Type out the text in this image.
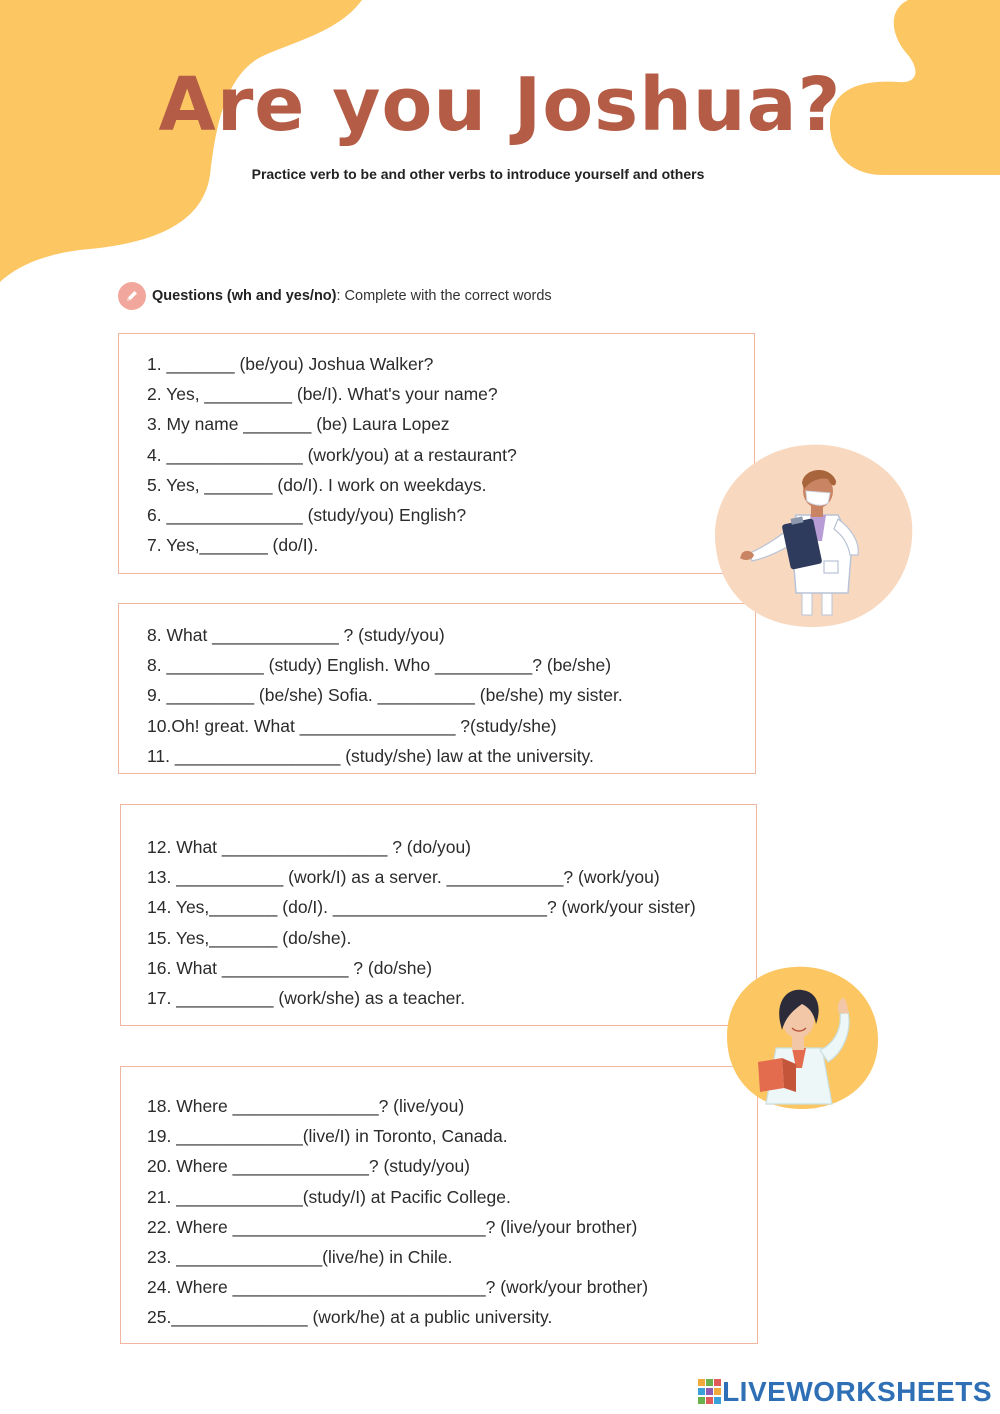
Are you Joshua?
Practice verb to be and other verbs to introduce yourself and others
Questions (wh and yes/no) : Complete with the correct words
1. _______ (be/you) Joshua Walker?
2. Yes, _________ (be/I). What's your name?
3. My name _______ (be) Laura Lopez
4. ______________ (work/you) at a restaurant?
5. Yes, _______ (do/I). I work on weekdays.
6. ______________ (study/you) English?
7. Yes,_______ (do/I).
8. What _____________ ? (study/you)
8. __________ (study) English. Who __________? (be/she)
9. _________ (be/she) Sofia. __________ (be/she) my sister.
10.Oh! great. What ________________ ?(study/she)
11. _________________ (study/she) law at the university.
12. What _________________ ? (do/you)
13. ___________ (work/I) as a server. ____________? (work/you)
14. Yes,_______ (do/I). ______________________? (work/your sister)
15. Yes,_______ (do/she).
16. What _____________ ? (do/she)
17. __________ (work/she) as a teacher.
18. Where _______________? (live/you)
19. _____________(live/I) in Toronto, Canada.
20. Where ______________? (study/you)
21. _____________(study/I) at Pacific College.
22. Where __________________________? (live/your brother)
23. _______________(live/he) in Chile.
24. Where __________________________? (work/your brother)
25.______________ (work/he) at a public university.
LIVEWORKSHEETS
